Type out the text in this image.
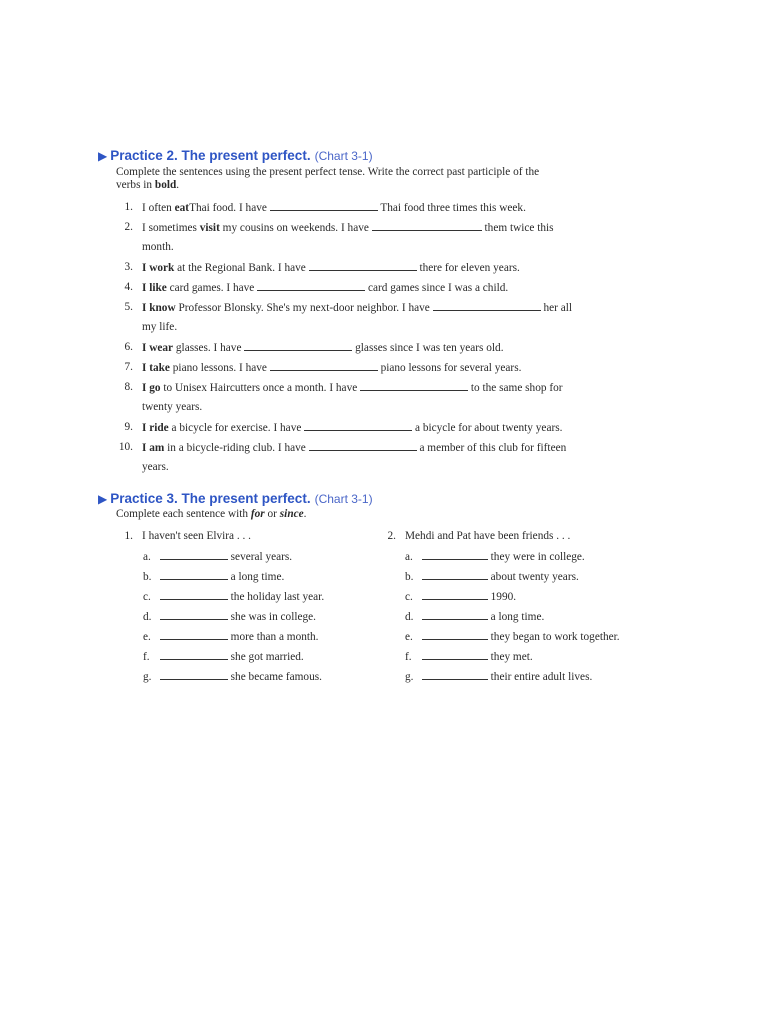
▶ Practice 2. The present perfect. (Chart 3-1)
Complete the sentences using the present perfect tense. Write the correct past participle of the
verbs in bold.
1. I often eatThai food. I have	Thai food three times this week.
2. I sometimes visit my cousins on weekends. I have	them twice this
month.
3. I work at the Regional Bank. I have	there for eleven years.
4. I like card games. I have	card games since I was a child.
5. I know Professor Blonsky. She's my next-door neighbor. I have	her all
my life.
6. I wear glasses. I have	glasses since I was ten years old.
7. I take piano lessons. I have	piano lessons for several years.
8. I go to Unisex Haircutters once a month. I have	to the same shop for
twenty years.
9. I ride a bicycle for exercise. I have	a bicycle for about twenty years.
10. I am in a bicycle-riding club. I have	a member of this club for fifteen
years.
▶ Practice 3. The present perfect. (Chart 3-1)
Complete each sentence with for or since.
1. I haven't seen Elvira . . .
a.	several years.
b.	a long time.
c.	the holiday last year.
d.	she was in college.
e.	more than a month.
f.	she got married.
g.	she became famous.
2. Mehdi and Pat have been friends . . .
a.	they were in college.
b.	about twenty years.
c.	1990.
d.	a long time.
e.	they began to work together.
f.	they met.
g.	their entire adult lives.
